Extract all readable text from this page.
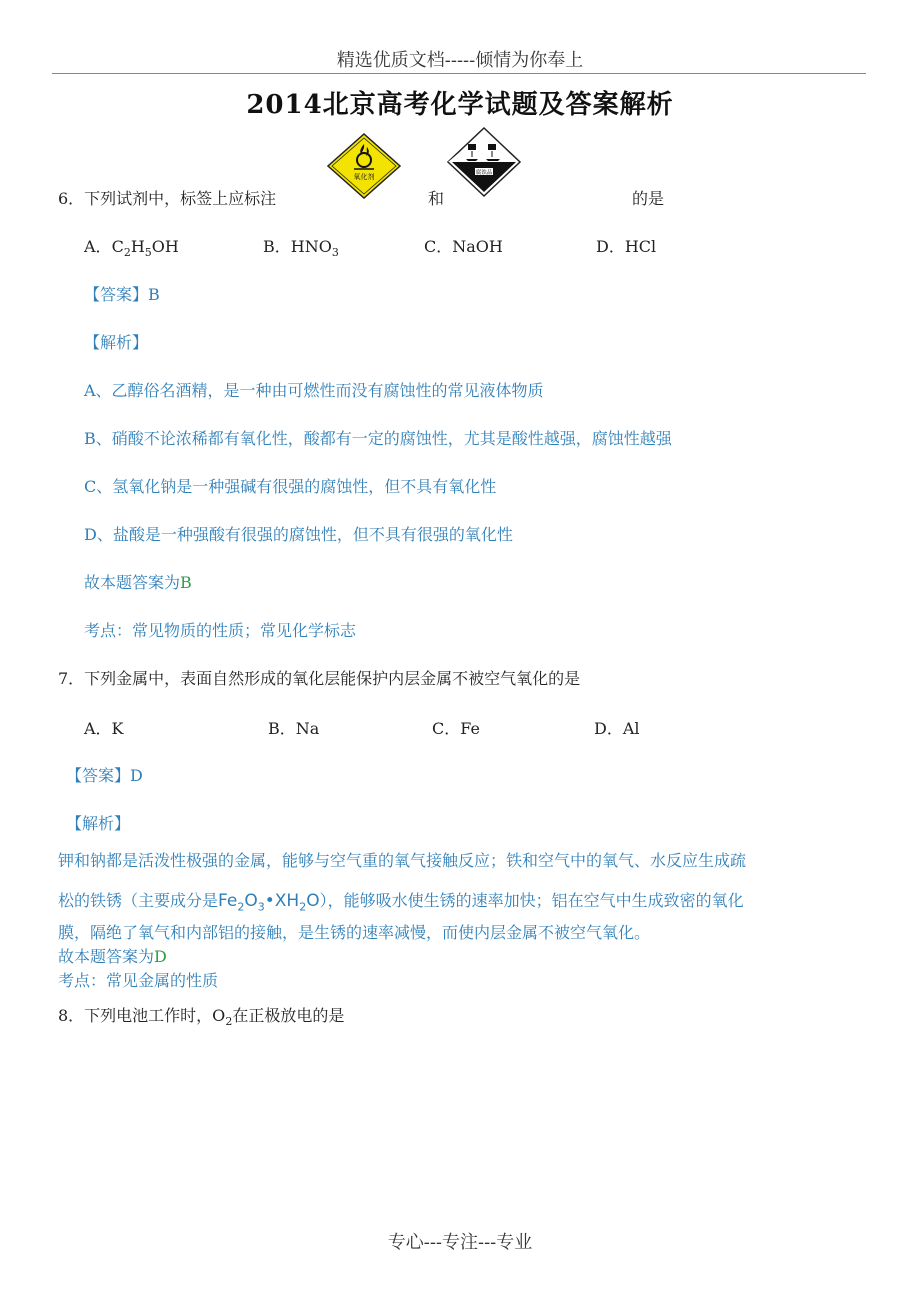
精选优质文档-----倾情为你奉上
2014北京高考化学试题及答案解析
6．下列试剂中，标签上应标注
氧化剂
和
腐蚀品
的是
A．$C_2H_5OH$	B．$HNO_3$	C．NaOH	D．HCl
【答案】B
【解析】
A、乙醇俗名酒精，是一种由可燃性而没有腐蚀性的常见液体物质
B、硝酸不论浓稀都有氧化性，酸都有一定的腐蚀性，尤其是酸性越强，腐蚀性越强
C、氢氧化钠是一种强碱有很强的腐蚀性，但不具有氧化性
D、盐酸是一种强酸有很强的腐蚀性，但不具有很强的氧化性
故本题答案为B
考点：常见物质的性质；常见化学标志
7．下列金属中，表面自然形成的氧化层能保护内层金属不被空气氧化的是
A．K	B．Na	C．Fe	D．Al
【答案】D
【解析】
钾和钠都是活泼性极强的金属，能够与空气重的氧气接触反应；铁和空气中的氧气、水反应生成疏
松的铁锈（主要成分是$Fe_2O_3•XH_2O$），能够吸水使生锈的速率加快；铝在空气中生成致密的氧化
膜，隔绝了氧气和内部铝的接触，是生锈的速率减慢，而使内层金属不被空气氧化。
故本题答案为D
考点：常见金属的性质
8．下列电池工作时，$O_2$在正极放电的是
专心---专注---专业
